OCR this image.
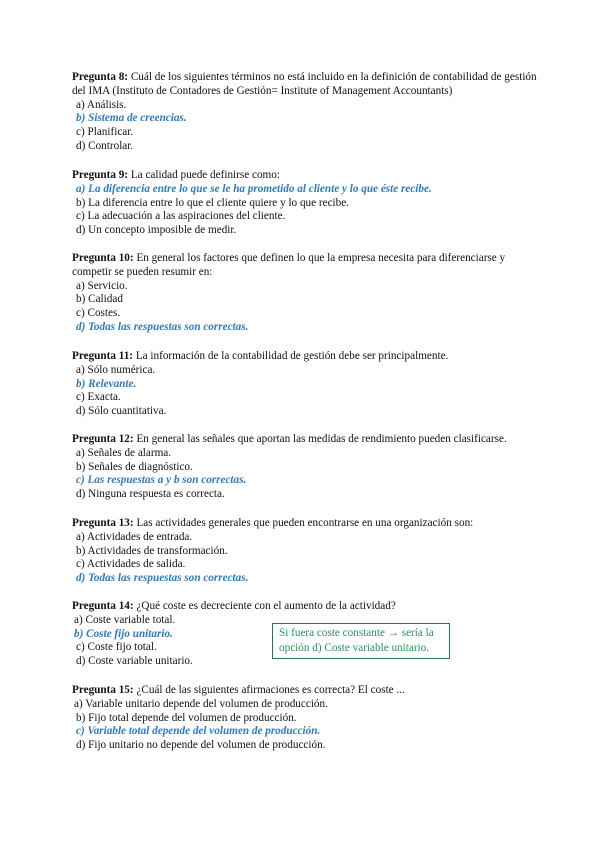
Pregunta 8: Cuál de los siguientes términos no está incluido en la definición de contabilidad de gestión del IMA (Instituto de Contadores de Gestión= Institute of Management Accountants)

a) Análisis.

b) Sistema de creencias.

c) Planificar.

d) Controlar.

Pregunta 9: La calidad puede definirse como:

a) La diferencia entre lo que se le ha prometido al cliente y lo que éste recibe.

b) La diferencia entre lo que el cliente quiere y lo que recibe.

c) La adecuación a las aspiraciones del cliente.

d) Un concepto imposible de medir.

Pregunta 10: En general los factores que definen lo que la empresa necesita para diferenciarse y competir se pueden resumir en:

a) Servicio.

b) Calidad

c) Costes.

d) Todas las respuestas son correctas.

Pregunta 11: La información de la contabilidad de gestión debe ser principalmente.

a) Sólo numérica.

b) Relevante.

c) Exacta.

d) Sólo cuantitativa.

Pregunta 12: En general las señales que aportan las medidas de rendimiento pueden clasificarse.

a) Señales de alarma.

b) Señales de diagnóstico.

c) Las respuestas a y b son correctas.

d) Ninguna respuesta es correcta.

Pregunta 13: Las actividades generales que pueden encontrarse en una organización son:

a) Actividades de entrada.

b) Actividades de transformación.

c) Actividades de salida.

d) Todas las respuestas son correctas.

Pregunta 14: ¿Qué coste es decreciente con el aumento de la actividad?

a) Coste variable total.

b) Coste fijo unitario.

c) Coste fijo total.

d) Coste variable unitario.

Si fuera coste constante → sería la
opción d) Coste variable unitario.

Pregunta 15: ¿Cuál de las siguientes afirmaciones es correcta? El coste ...

a) Variable unitario depende del volumen de producción.

b) Fijo total depende del volumen de producción.

c) Variable total depende del volumen de producción.

d) Fijo unitario no depende del volumen de producción.
